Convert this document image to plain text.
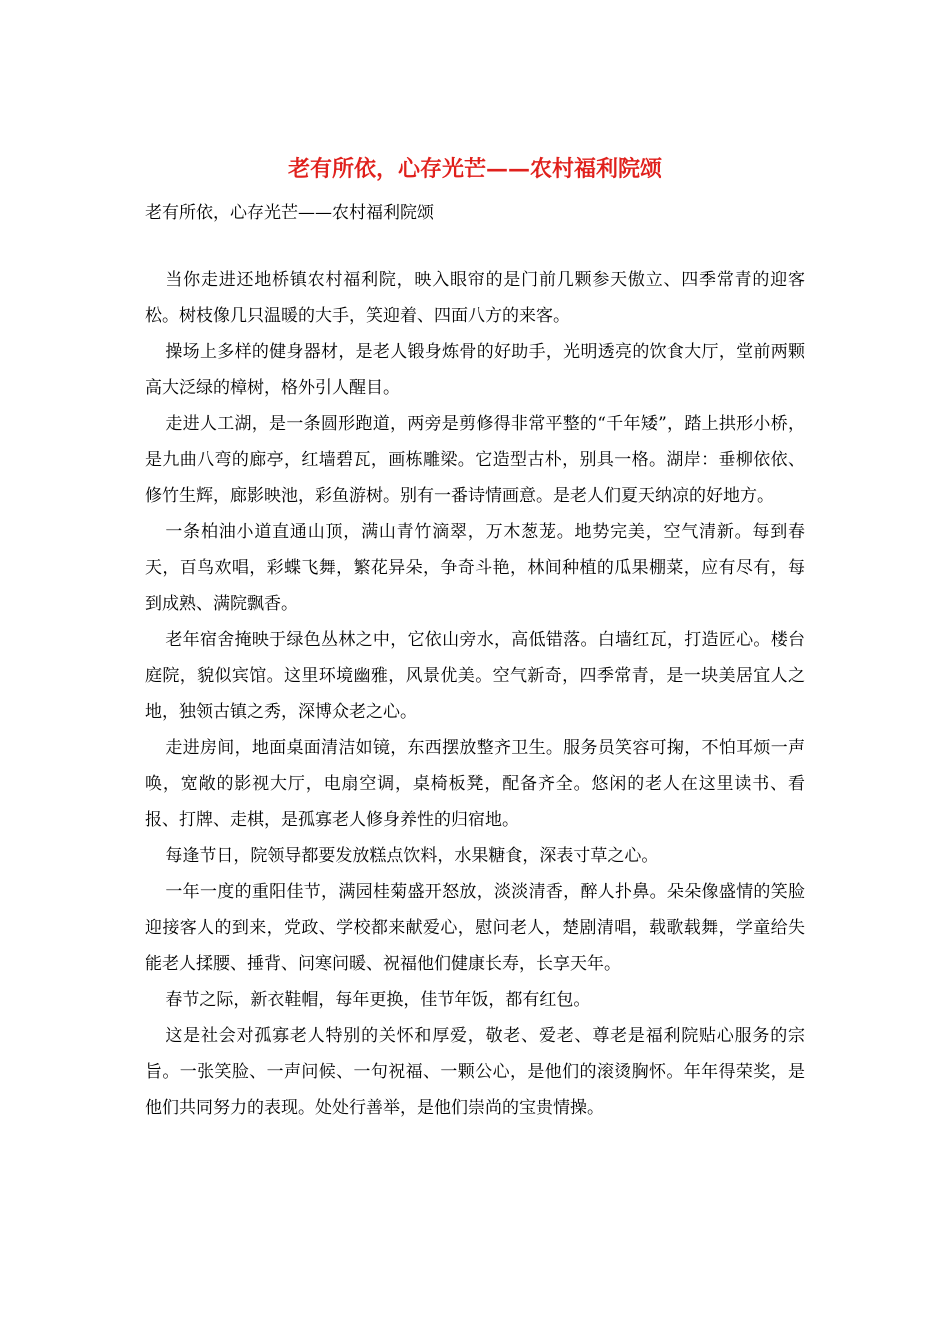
老有所依，心存光芒——农村福利院颂
老有所依，心存光芒——农村福利院颂

当你走进还地桥镇农村福利院，映入眼帘的是门前几颗参天傲立、四季常青的迎客松。树枝像几只温暖的大手，笑迎着、四面八方的来客。

操场上多样的健身器材，是老人锻身炼骨的好助手，光明透亮的饮食大厅，堂前两颗高大泛绿的樟树，格外引人醒目。

走进人工湖，是一条圆形跑道，两旁是剪修得非常平整的“千年矮”，踏上拱形小桥，是九曲八弯的廊亭，红墙碧瓦，画栋雕梁。它造型古朴，别具一格。湖岸：垂柳依依、修竹生辉，廊影映池，彩鱼游树。别有一番诗情画意。是老人们夏天纳凉的好地方。

一条柏油小道直通山顶，满山青竹滴翠，万木葱茏。地势完美，空气清新。每到春天，百鸟欢唱，彩蝶飞舞，繁花异朵，争奇斗艳，林间种植的瓜果棚菜，应有尽有，每到成熟、满院飘香。

老年宿舍掩映于绿色丛林之中，它依山旁水，高低错落。白墙红瓦，打造匠心。楼台庭院，貌似宾馆。这里环境幽雅，风景优美。空气新奇，四季常青，是一块美居宜人之地，独领古镇之秀，深博众老之心。

走进房间，地面桌面清洁如镜，东西摆放整齐卫生。服务员笑容可掬，不怕耳烦一声唤，宽敞的影视大厅，电扇空调，桌椅板凳，配备齐全。悠闲的老人在这里读书、看报、打牌、走棋，是孤寡老人修身养性的归宿地。

每逢节日，院领导都要发放糕点饮料，水果糖食，深表寸草之心。

一年一度的重阳佳节，满园桂菊盛开怒放，淡淡清香，醉人扑鼻。朵朵像盛情的笑脸迎接客人的到来，党政、学校都来献爱心，慰问老人，楚剧清唱，载歌载舞，学童给失能老人揉腰、捶背、问寒问暖、祝福他们健康长寿，长享天年。

春节之际，新衣鞋帽，每年更换，佳节年饭，都有红包。

这是社会对孤寡老人特别的关怀和厚爱，敬老、爱老、尊老是福利院贴心服务的宗旨。一张笑脸、一声问候、一句祝福、一颗公心，是他们的滚烫胸怀。年年得荣奖，是他们共同努力的表现。处处行善举，是他们崇尚的宝贵情操。
